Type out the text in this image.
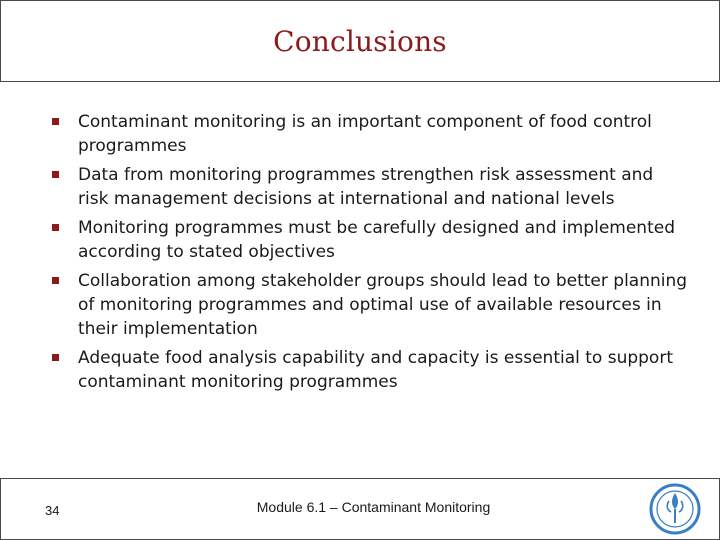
Conclusions
Contaminant monitoring is an important component of food control programmes
Data from monitoring programmes strengthen risk assessment and risk management decisions at international and national levels
Monitoring programmes must be carefully designed and implemented according to stated objectives
Collaboration among stakeholder groups should lead to better planning of monitoring programmes and optimal use of available resources in their implementation
Adequate food analysis capability and capacity is essential to support contaminant monitoring programmes
34	Module 6.1 – Contaminant Monitoring
